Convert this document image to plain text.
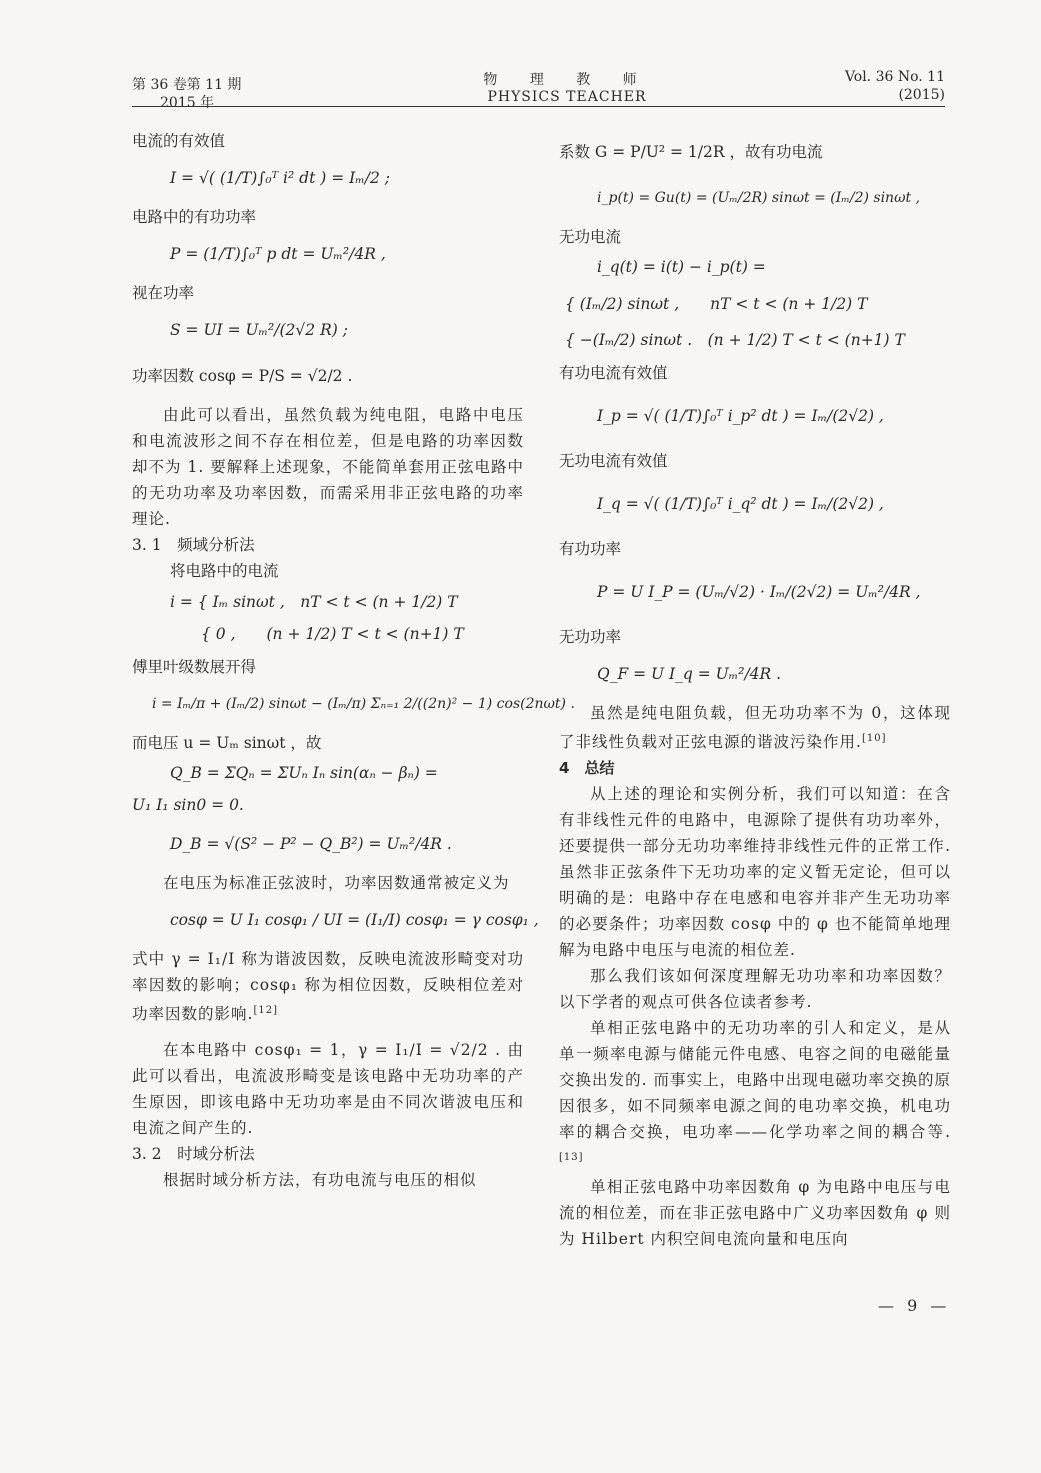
第 36 卷第 11 期
2015 年
物 理 教 师
PHYSICS TEACHER
Vol. 36 No. 11
(2015)
电流的有效值
I = √( (1/T)∫₀ᵀ i² dt ) = Iₘ/2 ;
电路中的有功功率
P = (1/T)∫₀ᵀ p dt = Uₘ²/4R ,
视在功率
S = UI = Uₘ²/(2√2 R) ;
功率因数 cosφ = P/S = √2/2 .

由此可以看出，虽然负载为纯电阻，电路中电压和电流波形之间不存在相位差，但是电路的功率因数却不为 1. 要解释上述现象，不能简单套用正弦电路中的无功功率及功率因数，而需采用非正弦电路的功率理论.

3. 1　频域分析法
将电路中的电流
i = { Iₘ sinωt ,　nT < t < (n + 1/2) T
　　{ 0 ,　　(n + 1/2) T < t < (n+1) T
傅里叶级数展开得
i = Iₘ/π + (Iₘ/2) sinωt − (Iₘ/π) Σₙ₌₁ 2/((2n)² − 1) cos(2nωt) .
而电压 u = Uₘ sinωt ，故
Q_B = ΣQₙ = ΣUₙ Iₙ sin(αₙ − βₙ) =
U₁ I₁ sin0 = 0.
D_B = √(S² − P² − Q_B²) = Uₘ²/4R .

在电压为标准正弦波时，功率因数通常被定义为

cosφ = U I₁ cosφ₁ / UI = (I₁/I) cosφ₁ = γ cosφ₁ ,

式中 γ = I₁/I 称为谐波因数，反映电流波形畸变对功率因数的影响；cosφ₁ 称为相位因数，反映相位差对功率因数的影响.[12]

在本电路中 cosφ₁ = 1，γ = I₁/I = √2/2 . 由此可以看出，电流波形畸变是该电路中无功功率的产生原因，即该电路中无功功率是由不同次谐波电压和电流之间产生的.

3. 2　时域分析法

根据时域分析方法，有功电流与电压的相似

系数 G = P/U² = 1/2R ，故有功电流
i_p(t) = Gu(t) = (Uₘ/2R) sinωt = (Iₘ/2) sinωt ,
无功电流
i_q(t) = i(t) − i_p(t) =
{ (Iₘ/2) sinωt ,　　nT < t < (n + 1/2) T
{ −(Iₘ/2) sinωt .　(n + 1/2) T < t < (n+1) T
有功电流有效值
I_p = √( (1/T)∫₀ᵀ i_p² dt ) = Iₘ/(2√2) ,
无功电流有效值
I_q = √( (1/T)∫₀ᵀ i_q² dt ) = Iₘ/(2√2) ,
有功功率
P = U I_P = (Uₘ/√2) · Iₘ/(2√2) = Uₘ²/4R ,
无功功率
Q_F = U I_q = Uₘ²/4R .

虽然是纯电阻负载，但无功功率不为 0，这体现了非线性负载对正弦电源的谐波污染作用.[10]

4　总结

从上述的理论和实例分析，我们可以知道：在含有非线性元件的电路中，电源除了提供有功功率外，还要提供一部分无功功率维持非线性元件的正常工作. 虽然非正弦条件下无功功率的定义暂无定论，但可以明确的是：电路中存在电感和电容并非产生无功功率的必要条件；功率因数 cosφ 中的 φ 也不能简单地理解为电路中电压与电流的相位差.

那么我们该如何深度理解无功功率和功率因数？以下学者的观点可供各位读者参考.

单相正弦电路中的无功功率的引人和定义，是从单一频率电源与储能元件电感、电容之间的电磁能量交换出发的. 而事实上，电路中出现电磁功率交换的原因很多，如不同频率电源之间的电功率交换，机电功率的耦合交换，电功率——化学功率之间的耦合等.[13]

单相正弦电路中功率因数角 φ 为电路中电压与电流的相位差，而在非正弦电路中广义功率因数角 φ 则为 Hilbert 内积空间电流向量和电压向

— 9 —
